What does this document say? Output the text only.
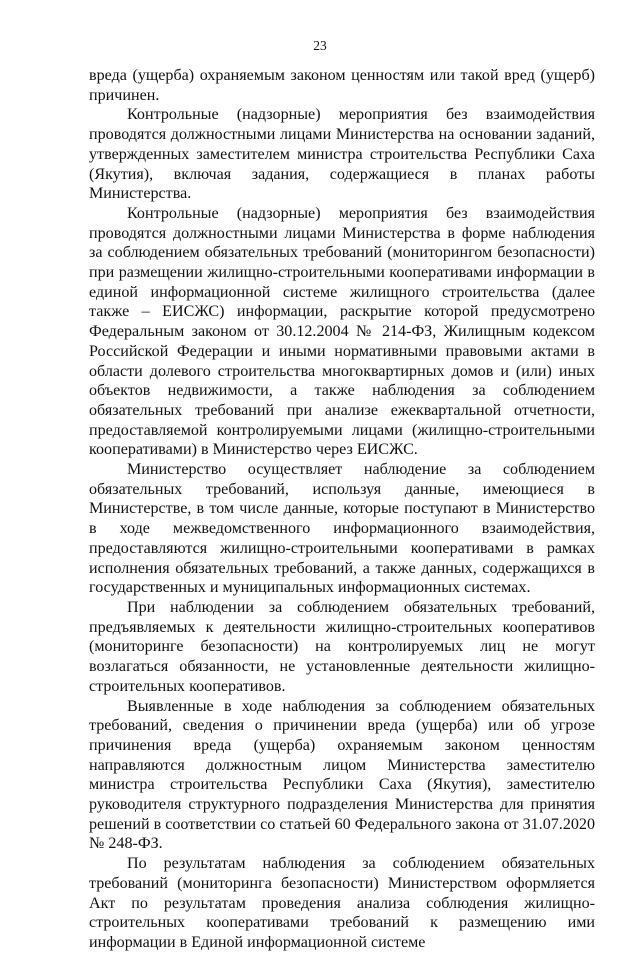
23

вреда (ущерба) охраняемым законом ценностям или такой вред (ущерб) причинен.

Контрольные (надзорные) мероприятия без взаимодействия проводятся должностными лицами Министерства на основании заданий, утвержденных заместителем министра строительства Республики Саха (Якутия), включая задания, содержащиеся в планах работы Министерства.

Контрольные (надзорные) мероприятия без взаимодействия проводятся должностными лицами Министерства в форме наблюдения за соблюдением обязательных требований (мониторингом безопасности) при размещении жилищно-строительными кооперативами информации в единой информационной системе жилищного строительства (далее также – ЕИСЖС) информации, раскрытие которой предусмотрено Федеральным законом от 30.12.2004 № 214-ФЗ, Жилищным кодексом Российской Федерации и иными нормативными правовыми актами в области долевого строительства многоквартирных домов и (или) иных объектов недвижимости, а также наблюдения за соблюдением обязательных требований при анализе ежеквартальной отчетности, предоставляемой контролируемыми лицами (жилищно-строительными кооперативами) в Министерство через ЕИСЖС.

Министерство осуществляет наблюдение за соблюдением обязательных требований, используя данные, имеющиеся в Министерстве, в том числе данные, которые поступают в Министерство в ходе межведомственного информационного взаимодействия, предоставляются жилищно-строительными кооперативами в рамках исполнения обязательных требований, а также данных, содержащихся в государственных и муниципальных информационных системах.

При наблюдении за соблюдением обязательных требований, предъявляемых к деятельности жилищно-строительных кооперативов (мониторинге безопасности) на контролируемых лиц не могут возлагаться обязанности, не установленные деятельности жилищно-строительных кооперативов.

Выявленные в ходе наблюдения за соблюдением обязательных требований, сведения о причинении вреда (ущерба) или об угрозе причинения вреда (ущерба) охраняемым законом ценностям направляются должностным лицом Министерства заместителю министра строительства Республики Саха (Якутия), заместителю руководителя структурного подразделения Министерства для принятия решений в соответствии со статьей 60 Федерального закона от 31.07.2020 № 248-ФЗ.

По результатам наблюдения за соблюдением обязательных требований (мониторинга безопасности) Министерством оформляется Акт по результатам проведения анализа соблюдения жилищно-строительных кооперативами требований к размещению ими информации в Единой информационной системе
